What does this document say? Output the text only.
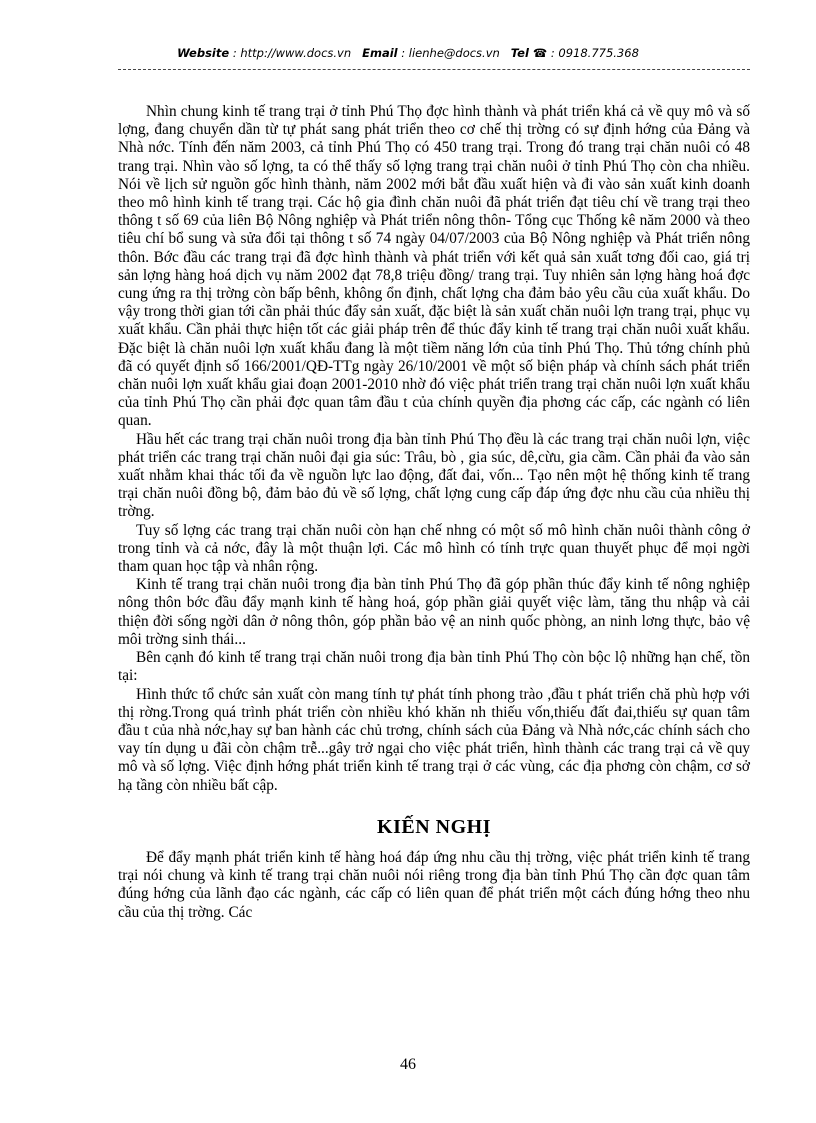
Website : http://www.docs.vn Email : lienhe@docs.vn Tel ☎ : 0918.775.368

Nhìn chung kinh tế trang trại ở tỉnh Phú Thọ đợc hình thành và phát triển khá cả về quy mô và số lợng, đang chuyển dần từ tự phát sang phát triển theo cơ chế thị trờng có sự định hớng của Đảng và Nhà nớc. Tính đến năm 2003, cả tỉnh Phú Thọ có 450 trang trại. Trong đó trang trại chăn nuôi có 48 trang trại. Nhìn vào số lợng, ta có thể thấy số lợng trang trại chăn nuôi ở tỉnh Phú Thọ còn cha nhiều. Nói về lịch sử nguồn gốc hình thành, năm 2002 mới bắt đầu xuất hiện và đi vào sản xuất kinh doanh theo mô hình kinh tế trang trại. Các hộ gia đình chăn nuôi đã phát triển đạt tiêu chí về trang trại theo thông t số 69 của liên Bộ Nông nghiệp và Phát triển nông thôn- Tổng cục Thống kê năm 2000 và theo tiêu chí bổ sung và sửa đổi tại thông t số 74 ngày 04/07/2003 của Bộ Nông nghiệp và Phát triển nông thôn. Bớc đầu các trang trại đã đợc hình thành và phát triển với kết quả sản xuất tơng đối cao, giá trị sản lợng hàng hoá dịch vụ năm 2002 đạt 78,8 triệu đồng/ trang trại. Tuy nhiên sản lợng hàng hoá đợc cung ứng ra thị trờng còn bấp bênh, không ổn định, chất lợng cha đảm bảo yêu cầu của xuất khẩu. Do vậy trong thời gian tới cần phải thúc đẩy sản xuất, đặc biệt là sản xuất chăn nuôi lợn trang trại, phục vụ xuất khẩu. Cần phải thực hiện tốt các giải pháp trên để thúc đẩy kinh tế trang trại chăn nuôi xuất khẩu. Đặc biệt là chăn nuôi lợn xuất khẩu đang là một tiềm năng lớn của tỉnh Phú Thọ. Thủ tớng chính phủ đã có quyết định số 166/2001/QĐ-TTg ngày 26/10/2001 về một số biện pháp và chính sách phát triển chăn nuôi lợn xuất khẩu giai đoạn 2001-2010 nhờ đó việc phát triển trang trại chăn nuôi lợn xuất khẩu của tỉnh Phú Thọ cần phải đợc quan tâm đầu t của chính quyền địa phơng các cấp, các ngành có liên quan.

Hầu hết các trang trại chăn nuôi trong địa bàn tỉnh Phú Thọ đều là các trang trại chăn nuôi lợn, việc phát triển các trang trại chăn nuôi đại gia súc: Trâu, bò , gia súc, dê,cừu, gia cầm. Cần phải đa vào sản xuất nhằm khai thác tối đa về nguồn lực lao động, đất đai, vốn... Tạo nên một hệ thống kinh tế trang trại chăn nuôi đồng bộ, đảm bảo đủ về số lợng, chất lợng cung cấp đáp ứng đợc nhu cầu của nhiều thị trờng.

Tuy số lợng các trang trại chăn nuôi còn hạn chế nhng có một số mô hình chăn nuôi thành công ở trong tỉnh và cả nớc, đây là một thuận lợi. Các mô hình có tính trực quan thuyết phục để mọi ngời tham quan học tập và nhân rộng.

Kinh tế trang trại chăn nuôi trong địa bàn tỉnh Phú Thọ đã góp phần thúc đẩy kinh tế nông nghiệp nông thôn bớc đầu đẩy mạnh kinh tế hàng hoá, góp phần giải quyết việc làm, tăng thu nhập và cải thiện đời sống ngời dân ở nông thôn, góp phần bảo vệ an ninh quốc phòng, an ninh lơng thực, bảo vệ môi trờng sinh thái...

Bên cạnh đó kinh tế trang trại chăn nuôi trong địa bàn tỉnh Phú Thọ còn bộc lộ những hạn chế, tồn tại:

Hình thức tổ chức sản xuất còn mang tính tự phát tính phong trào ,đầu t phát triển chă phù hợp với thị rờng.Trong quá trình phát triển còn nhiều khó khăn nh thiếu vốn,thiếu đất đai,thiếu sự quan tâm đầu t của nhà nớc,hay sự ban hành các chủ trơng, chính sách của Đảng và Nhà nớc,các chính sách cho vay tín dụng u đãi còn chậm trễ...gây trở ngại cho việc phát triển, hình thành các trang trại cả về quy mô và số lợng. Việc định hớng phát triển kinh tế trang trại ở các vùng, các địa phơng còn chậm, cơ sở hạ tầng còn nhiều bất cập.

KIẾN NGHỊ

Để đẩy mạnh phát triển kinh tế hàng hoá đáp ứng nhu cầu thị trờng, việc phát triển kinh tế trang trại nói chung và kinh tế trang trại chăn nuôi nói riêng trong địa bàn tỉnh Phú Thọ cần đợc quan tâm đúng hớng của lãnh đạo các ngành, các cấp có liên quan để phát triển một cách đúng hớng theo nhu cầu của thị trờng. Các

46
